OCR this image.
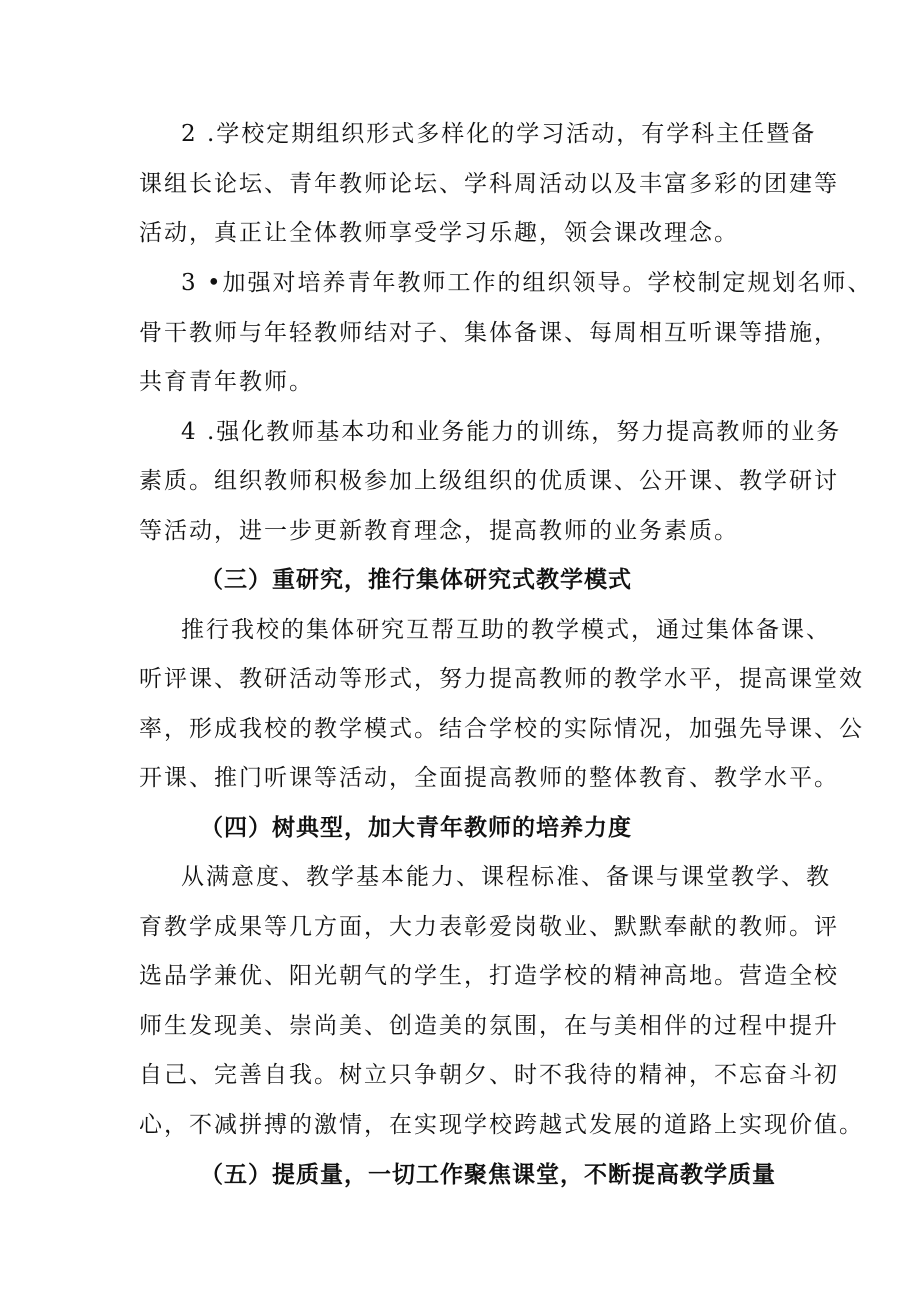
2 .学校定期组织形式多样化的学习活动，有学科主任暨备
课组长论坛、青年教师论坛、学科周活动以及丰富多彩的团建等
活动，真正让全体教师享受学习乐趣，领会课改理念。
3 •加强对培养青年教师工作的组织领导。学校制定规划名师、
骨干教师与年轻教师结对子、集体备课、每周相互听课等措施，
共育青年教师。
4 .强化教师基本功和业务能力的训练，努力提高教师的业务
素质。组织教师积极参加上级组织的优质课、公开课、教学研讨
等活动，进一步更新教育理念，提高教师的业务素质。
（三）重研究，推行集体研究式教学模式
推行我校的集体研究互帮互助的教学模式，通过集体备课、
听评课、教研活动等形式，努力提高教师的教学水平，提高课堂效
率，形成我校的教学模式。结合学校的实际情况，加强先导课、公
开课、推门听课等活动，全面提高教师的整体教育、教学水平。
（四）树典型，加大青年教师的培养力度
从满意度、教学基本能力、课程标准、备课与课堂教学、教
育教学成果等几方面，大力表彰爱岗敬业、默默奉献的教师。评
选品学兼优、阳光朝气的学生，打造学校的精神高地。营造全校
师生发现美、崇尚美、创造美的氛围，在与美相伴的过程中提升
自己、完善自我。树立只争朝夕、时不我待的精神，不忘奋斗初
心，不减拼搏的激情，在实现学校跨越式发展的道路上实现价值。
（五）提质量，一切工作聚焦课堂，不断提高教学质量
